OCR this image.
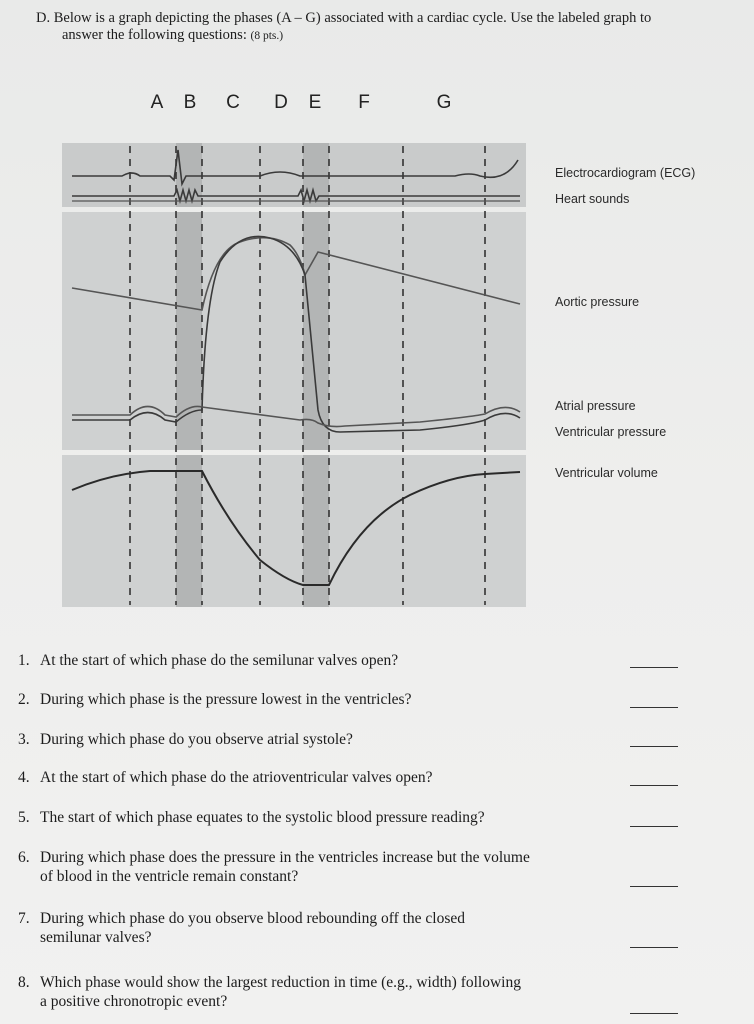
D. Below is a graph depicting the phases (A – G) associated with a cardiac cycle. Use the labeled graph to
answer the following questions: (8 pts.)
A B C D E F	G
Electrocardiogram (ECG)
Heart sounds
Aortic pressure
Atrial pressure
Ventricular pressure
Ventricular volume
1. At the start of which phase do the semilunar valves open?
2. During which phase is the pressure lowest in the ventricles?
3. During which phase do you observe atrial systole?
4. At the start of which phase do the atrioventricular valves open?
5. The start of which phase equates to the systolic blood pressure reading?
6. During which phase does the pressure in the ventricles increase but the volume
of blood in the ventricle remain constant?
7. During which phase do you observe blood rebounding off the closed
semilunar valves?
8. Which phase would show the largest reduction in time (e.g., width) following
a positive chronotropic event?
